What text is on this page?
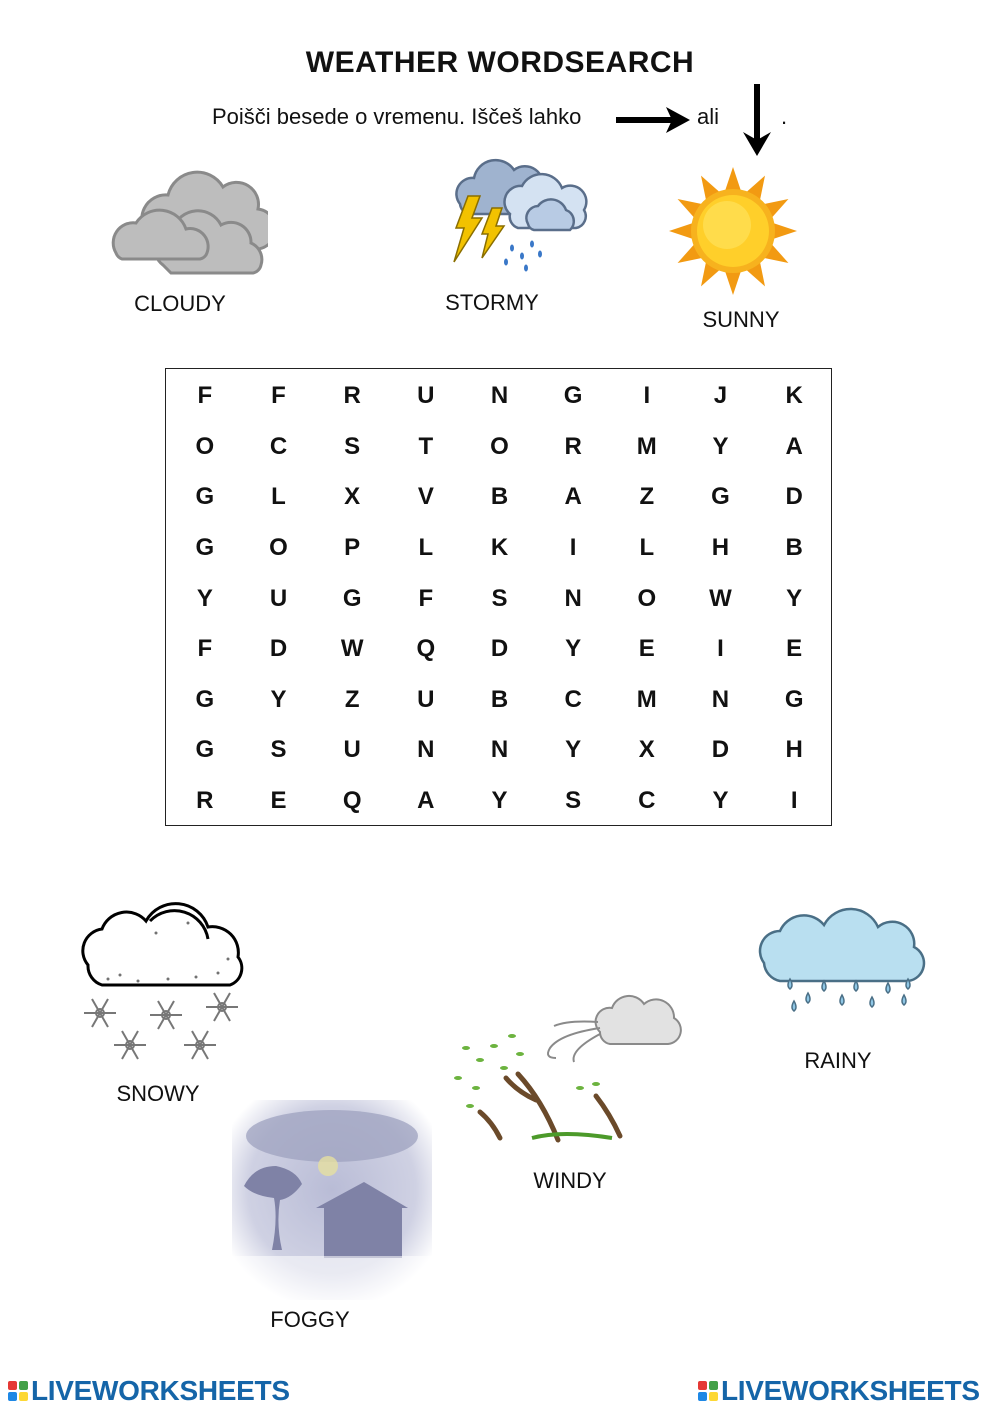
WEATHER WORDSEARCH
Poišči besede o vremenu. Iščeš lahko	ali	.
CLOUDY	STORMY
SUNNY
F	F	R	U	N	G	I	J	K
O	C	S	T	O	R	M	Y	A
G	L	X	V	B	A	Z	G	D
G	O	P	L	K	I	L	H	B
Y	U	G	F	S	N	O	W	Y
F	D	W	Q	D	Y	E	I	E
G	Y	Z	U	B	C	M	N	G
G	S	U	N	N	Y	X	D	H
R	E	Q	A	Y	S	C	Y	I
SNOWY
RAINY
WINDY
FOGGY
LIVEWORKSHEETS	LIVEWORKSHEETS
